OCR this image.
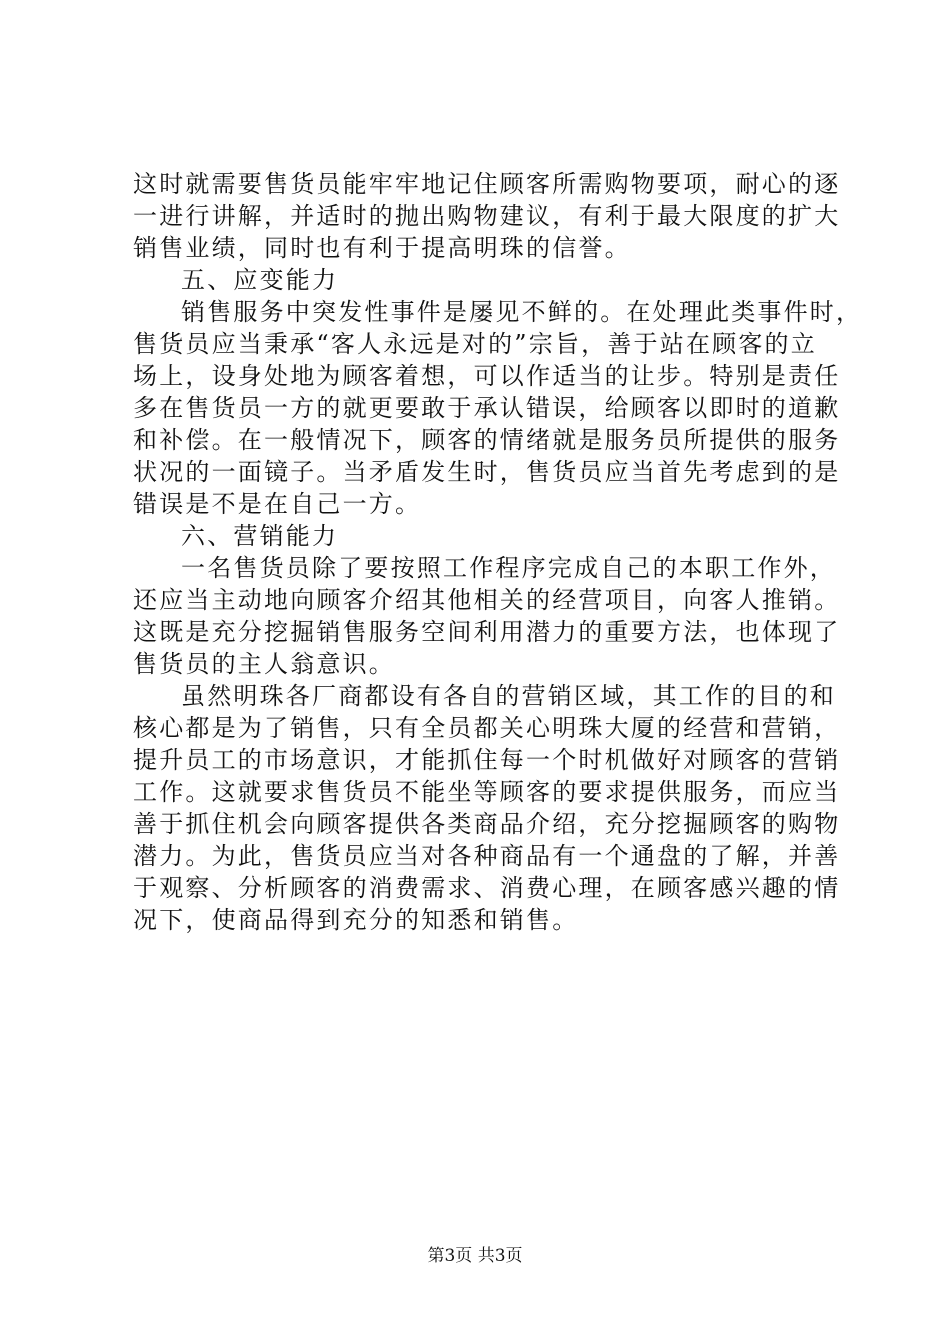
这时就需要售货员能牢牢地记住顾客所需购物要项，耐心的逐
一进行讲解，并适时的抛出购物建议，有利于最大限度的扩大
销售业绩，同时也有利于提高明珠的信誉。
五、应变能力
销售服务中突发性事件是屡见不鲜的。在处理此类事件时，
售货员应当秉承“客人永远是对的”宗旨，善于站在顾客的立
场上，设身处地为顾客着想，可以作适当的让步。特别是责任
多在售货员一方的就更要敢于承认错误，给顾客以即时的道歉
和补偿。在一般情况下，顾客的情绪就是服务员所提供的服务
状况的一面镜子。当矛盾发生时，售货员应当首先考虑到的是
错误是不是在自己一方。
六、营销能力
一名售货员除了要按照工作程序完成自己的本职工作外，
还应当主动地向顾客介绍其他相关的经营项目，向客人推销。
这既是充分挖掘销售服务空间利用潜力的重要方法，也体现了
售货员的主人翁意识。
虽然明珠各厂商都设有各自的营销区域，其工作的目的和
核心都是为了销售，只有全员都关心明珠大厦的经营和营销，
提升员工的市场意识，才能抓住每一个时机做好对顾客的营销
工作。这就要求售货员不能坐等顾客的要求提供服务，而应当
善于抓住机会向顾客提供各类商品介绍，充分挖掘顾客的购物
潜力。为此，售货员应当对各种商品有一个通盘的了解，并善
于观察、分析顾客的消费需求、消费心理，在顾客感兴趣的情
况下，使商品得到充分的知悉和销售。
第3页 共3页
